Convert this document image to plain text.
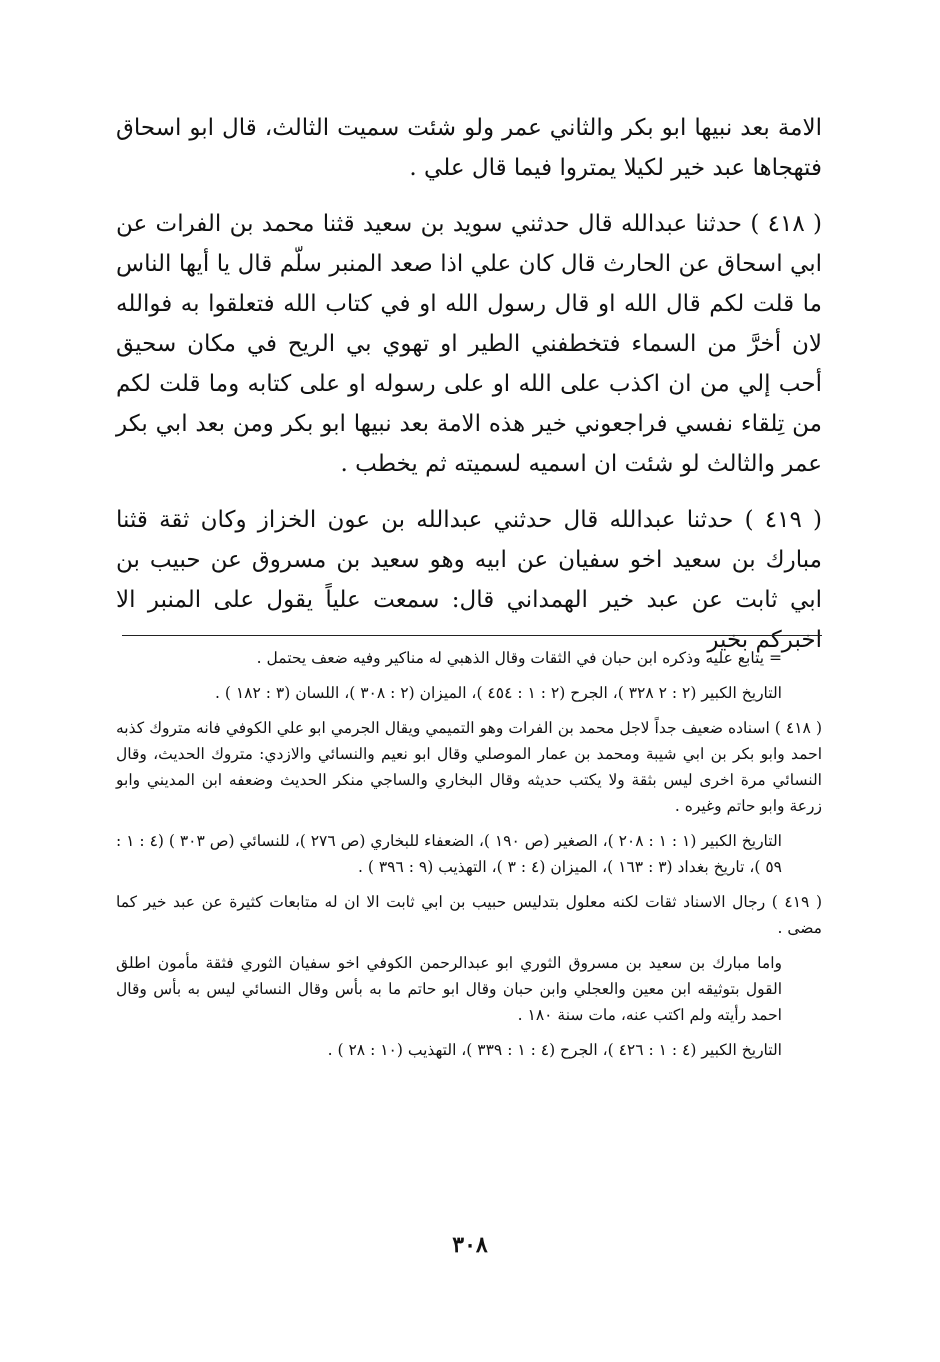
الامة بعد نبيها ابو بكر والثاني عمر ولو شئت سميت الثالث، قال ابو اسحاق فتهجاها عبد خير لكيلا يمتروا فيما قال علي .

( ٤١٨ ) حدثنا عبدالله قال حدثني سويد بن سعيد قثنا محمد بن الفرات عن ابي اسحاق عن الحارث قال كان علي اذا صعد المنبر سلّم قال يا أيها الناس ما قلت لكم قال الله او قال رسول الله او في كتاب الله فتعلقوا به فوالله لان أخرَّ من السماء فتخطفني الطير او تهوي بي الريح في مكان سحيق أحب إلي من ان اكذب على الله او على رسوله او على كتابه وما قلت لكم من تِلقاء نفسي فراجعوني خير هذه الامة بعد نبيها ابو بكر ومن بعد ابي بكر عمر والثالث لو شئت ان اسميه لسميته ثم يخطب .

( ٤١٩ ) حدثنا عبدالله قال حدثني عبدالله بن عون الخزاز وكان ثقة قثنا مبارك بن سعيد اخو سفيان عن ابيه وهو سعيد بن مسروق عن حبيب بن ابي ثابت عن عبد خير الهمداني قال: سمعت علياً يقول على المنبر الا اخبركم بخير

= يتابع عليه وذكره ابن حبان في الثقات وقال الذهبي له مناكير وفيه ضعف يحتمل .

التاريخ الكبير (٢ : ٢ ٣٢٨ )، الجرح (٢ : ١ : ٤٥٤ )، الميزان (٢ : ٣٠٨ )، اللسان (٣ : ١٨٢ ) .

( ٤١٨ ) اسناده ضعيف جداً لاجل محمد بن الفرات وهو التميمي ويقال الجرمي ابو علي الكوفي فانه متروك كذبه احمد وابو بكر بن ابي شيبة ومحمد بن عمار الموصلي وقال ابو نعيم والنسائي والازدي: متروك الحديث، وقال النسائي مرة اخرى ليس بثقة ولا يكتب حديثه وقال البخاري والساجي منكر الحديث وضعفه ابن المديني وابو زرعة وابو حاتم وغيره .

التاريخ الكبير (١ : ١ : ٢٠٨ )، الصغير (ص ١٩٠ )، الضعفاء للبخاري (ص ٢٧٦ )، للنسائي (ص ٣٠٣ ) (٤ : ١ : ٥٩ )، تاريخ بغداد (٣ : ١٦٣ )، الميزان (٤ : ٣ )، التهذيب (٩ : ٣٩٦ ) .

( ٤١٩ ) رجال الاسناد ثقات لكنه معلول بتدليس حبيب بن ابي ثابت الا ان له متابعات كثيرة عن عبد خير كما مضى .

واما مبارك بن سعيد بن مسروق الثوري ابو عبدالرحمن الكوفي اخو سفيان الثوري فثقة مأمون اطلق القول بتوثيقه ابن معين والعجلي وابن حبان وقال ابو حاتم ما به بأس وقال النسائي ليس به بأس وقال احمد رأيته ولم اكتب عنه، مات سنة ١٨٠ .

التاريخ الكبير (٤ : ١ : ٤٢٦ )، الجرح (٤ : ١ : ٣٣٩ )، التهذيب (١٠ : ٢٨ ) .

٣٠٨
